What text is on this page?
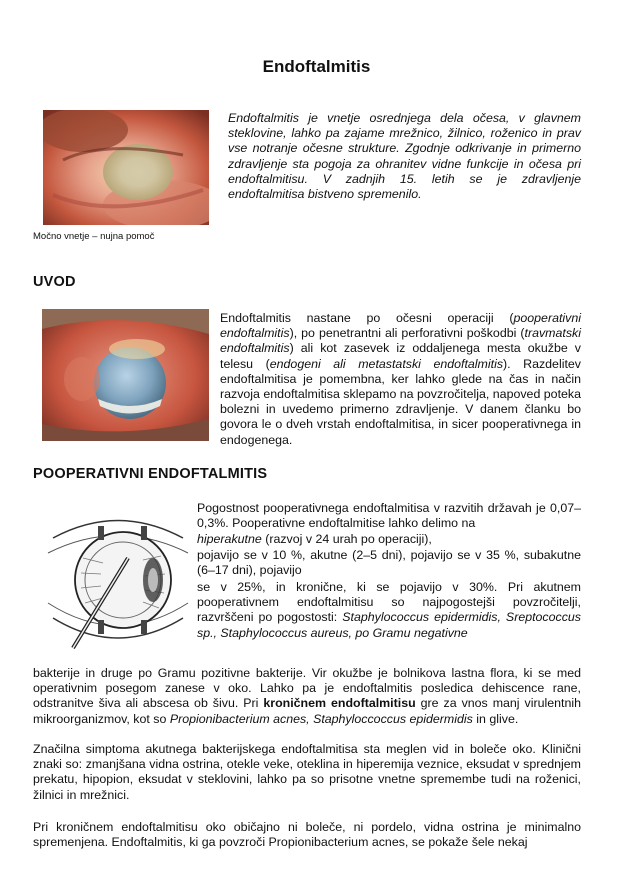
Endoftalmitis
Močno vnetje – nujna pomoč
Endoftalmitis je vnetje osrednjega dela očesa, v glavnem steklovine, lahko pa zajame mrežnico, žilnico, roženico in prav vse notranje očesne strukture. Zgodnje odkrivanje in primerno zdravljenje sta pogoja za ohranitev vidne funkcije in očesa pri endoftalmitisu. V zadnjih 15. letih se je zdravljenje endoftalmitisa bistveno spremenilo.
UVOD
Endoftalmitis nastane po očesni operaciji (pooperativni endoftalmitis), po penetrantni ali perforativni poškodbi (travmatski endoftalmitis) ali kot zasevek iz oddaljenega mesta okužbe v telesu (endogeni ali metastatski endoftalmitis). Razdelitev endoftalmitisa je pomembna, ker lahko glede na čas in način razvoja endoftalmitisa sklepamo na povzročitelja, napoved poteka bolezni in uvedemo primerno zdravljenje. V danem članku bo govora le o dveh vrstah endoftalmitisa, in sicer pooperativnega in endogenega.
POOPERATIVNI ENDOFTALMITIS
Pogostnost pooperativnega endoftalmitisa v razvitih državah je 0,07–0,3%. Pooperativne endoftalmitise lahko delimo na
hiperakutne (razvoj v 24 urah po operaciji),
pojavijo se v 10 %, akutne (2–5 dni), pojavijo se v 35 %, subakutne (6–17 dni), pojavijo
se v 25%, in kronične, ki se pojavijo v 30%. Pri akutnem pooperativnem endoftalmitisu so najpogostejši povzročitelji, razvrščeni po pogostosti: Staphylococcus epidermidis, Sreptococcus sp., Staphylococcus aureus, po Gramu negativne
bakterije in druge po Gramu pozitivne bakterije. Vir okužbe je bolnikova lastna flora, ki se med operativnim posegom zanese v oko. Lahko pa je endoftalmitis posledica dehiscence rane, odstranitve šiva ali abscesa ob šivu. Pri kroničnem endoftalmitisu gre za vnos manj virulentnih mikroorganizmov, kot so Propionibacterium acnes, Staphyloccoccus epidermidis in glive.
Značilna simptoma akutnega bakterijskega endoftalmitisa sta meglen vid in boleče oko. Klinični znaki so: zmanjšana vidna ostrina, otekle veke, oteklina in hiperemija veznice, eksudat v sprednjem prekatu, hipopion, eksudat v steklovini, lahko pa so prisotne vnetne spremembe tudi na roženici, žilnici in mrežnici.
Pri kroničnem endoftalmitisu oko običajno ni boleče, ni pordelo, vidna ostrina je minimalno spremenjena. Endoftalmitis, ki ga povzroči Propionibacterium acnes, se pokaže šele nekaj
